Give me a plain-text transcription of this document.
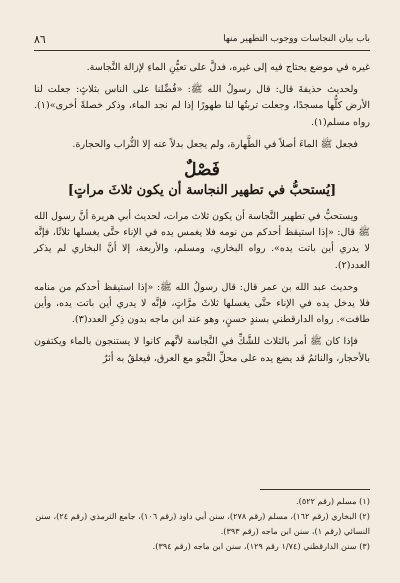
باب بيان النجاسات ووجوب التطهير منها
٨٦

غيره في موضع يحتاج فيه إلى غيره، فدلَّ على تعيُّنِ الماءِ لإزالة النَّجاسة.

ولحديث حذيفةَ قال: قال رسولُ الله ﷺ: «فُضِّلنا على الناس بثلاثٍ: جعلت لنا الأرض كلُّها مسجدًا، وجعلت تربتُها لنا طهورًا إذا لم نجد الماء، وذكر خصلةً أخرى»(١). رواه مسلم(١).

فجعل ﷺ الماءَ أصلاً في الطَّهارة، ولم يجعل بدلاً عنه إلا التُّراب والحجارة.

فَصْلٌ
[يُستحبُّ في تطهير النجاسة أن يكون ثلاثَ مراتٍ]

ويستحبُّ في تطهير النَّجاسة أن يكون ثلاث مرات، لحديث أبي هريرة أنَّ رسول الله ﷺ قال: «إذا استيقظ أحدكم من نومه فلا يغمس يده في الإناء حتَّى يغسلها ثلاثًا، فإنَّه لا يدري أين باتت يده». رواه البخاري، ومسلم، والأربعة، إلا أنَّ البخاري لم يذكر العدد(٢).

وحديث عبد الله بن عمر قال: قال رسولُ الله ﷺ: «إذا استيقظ أحدكم من منامه فلا يدخل يده في الإناء حتَّى يغسلها ثلاثَ مرَّاتٍ، فإنَّه لا يدري أين باتت يده، وأين طافت». رواه الدارقطني بسندٍ حسنٍ، وهو عند ابن ماجه بدون ذِكرِ العدد(٣).

فإذا كان ﷺ أمر بالثلاث للشَّكِّ في النَّجاسة لأنَّهم كانوا لا يستنجون بالماء ويكتفون بالأحجار، والنائمُ قد يضع يده على محلِّ النَّجو مع العرق، فيعلقُ به أثرٌ

(١) مسلم (رقم ٥٢٢).
(٢) البخاري (رقم ١٦٢)، مسلم (رقم ٢٧٨)، سنن أبي داود (رقم ١٠٦)، جامع الترمذي (رقم ٢٤)، سنن النسائي (رقم ١)، سنن ابن ماجه (رقم ٣٩٣).
(٣) سنن الدارقطني (١/٧٤ رقم ١٢٩)، سنن ابن ماجه (رقم ٣٩٤).
